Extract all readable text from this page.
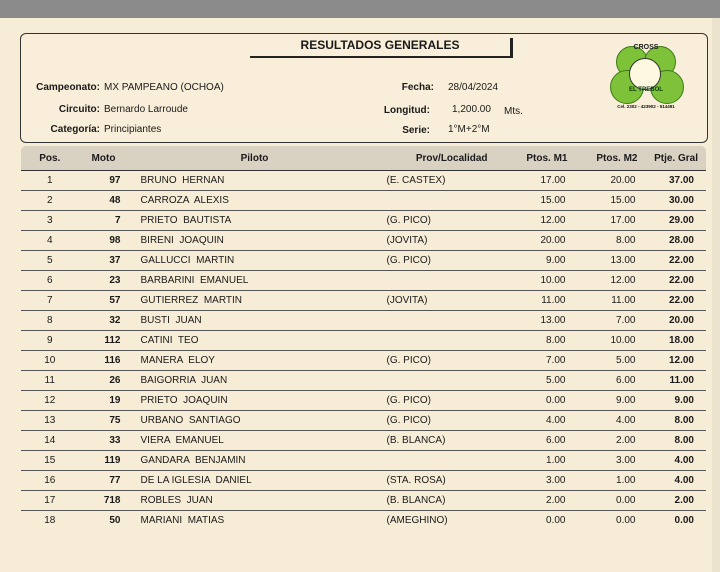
RESULTADOS GENERALES
Campeonato: MX PAMPEANO (OCHOA)
Circuito: Bernardo Larroude
Categoría: Principiantes
Fecha: 28/04/2024
Longitud: 1,200.00 Mts.
Serie: 1°M+2°M
CROSS
EL TREBOL
Cel. 2302 - 423902 - 514491
Pos.	Moto	Piloto	Prov/Localidad	Ptos. M1	Ptos. M2	Ptje. Gral
1	97	BRUNO  HERNAN	(E. CASTEX)	17.00	20.00	37.00
2	48	CARROZA  ALEXIS		15.00	15.00	30.00
3	7	PRIETO  BAUTISTA	(G. PICO)	12.00	17.00	29.00
4	98	BIRENI  JOAQUIN	(JOVITA)	20.00	8.00	28.00
5	37	GALLUCCI  MARTIN	(G. PICO)	9.00	13.00	22.00
6	23	BARBARINI  EMANUEL		10.00	12.00	22.00
7	57	GUTIERREZ  MARTIN	(JOVITA)	11.00	11.00	22.00
8	32	BUSTI  JUAN		13.00	7.00	20.00
9	112	CATINI  TEO		8.00	10.00	18.00
10	116	MANERA  ELOY	(G. PICO)	7.00	5.00	12.00
11	26	BAIGORRIA  JUAN		5.00	6.00	11.00
12	19	PRIETO  JOAQUIN	(G. PICO)	0.00	9.00	9.00
13	75	URBANO  SANTIAGO	(G. PICO)	4.00	4.00	8.00
14	33	VIERA  EMANUEL	(B. BLANCA)	6.00	2.00	8.00
15	119	GANDARA  BENJAMIN		1.00	3.00	4.00
16	77	DE LA IGLESIA  DANIEL	(STA. ROSA)	3.00	1.00	4.00
17	718	ROBLES  JUAN	(B. BLANCA)	2.00	0.00	2.00
18	50	MARIANI  MATIAS	(AMEGHINO)	0.00	0.00	0.00
